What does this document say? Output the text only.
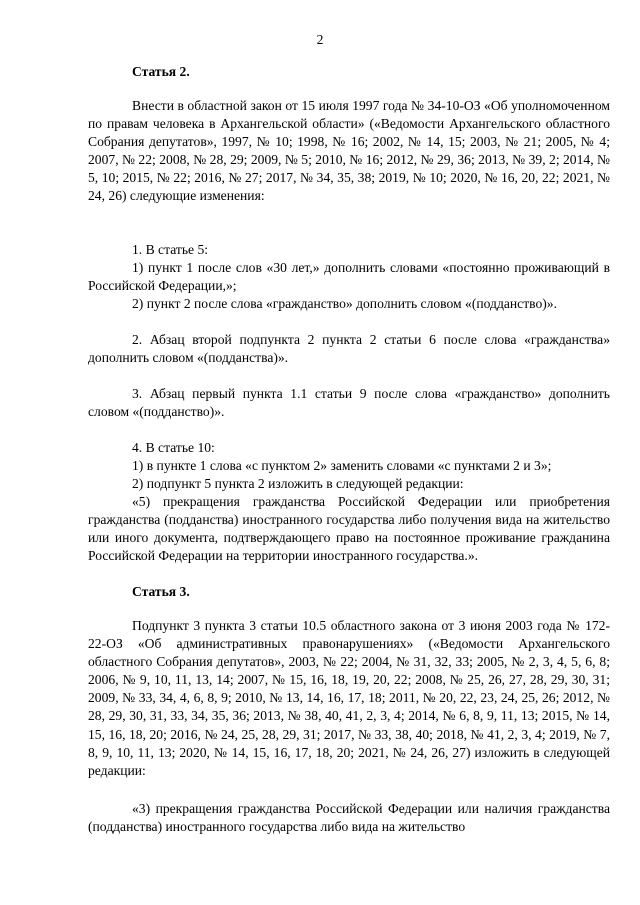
2
Статья 2.

Внести в областной закон от 15 июля 1997 года № 34-10-ОЗ «Об уполномоченном по правам человека в Архангельской области» («Ведомости Архангельского областного Собрания депутатов», 1997, № 10; 1998, № 16; 2002, № 14, 15; 2003, № 21; 2005, № 4; 2007, № 22; 2008, № 28, 29; 2009, № 5; 2010, № 16; 2012, № 29, 36; 2013, № 39, 2; 2014, № 5, 10; 2015, № 22; 2016, № 27; 2017, № 34, 35, 38; 2019, № 10; 2020, № 16, 20, 22; 2021, № 24, 26) следующие изменения:

1. В статье 5:

1) пункт 1 после слов «30 лет,» дополнить словами «постоянно проживающий в Российской Федерации,»;

2) пункт 2 после слова «гражданство» дополнить словом «(подданство)».

2. Абзац второй подпункта 2 пункта 2 статьи 6 после слова «гражданства» дополнить словом «(подданства)».

3. Абзац первый пункта 1.1 статьи 9 после слова «гражданство» дополнить словом «(подданство)».

4. В статье 10:

1) в пункте 1 слова «с пунктом 2» заменить словами «с пунктами 2 и 3»;

2) подпункт 5 пункта 2 изложить в следующей редакции:

«5) прекращения гражданства Российской Федерации или приобретения гражданства (подданства) иностранного государства либо получения вида на жительство или иного документа, подтверждающего право на постоянное проживание гражданина Российской Федерации на территории иностранного государства.».

Статья 3.

Подпункт 3 пункта 3 статьи 10.5 областного закона от 3 июня 2003 года № 172-22-ОЗ «Об административных правонарушениях» («Ведомости Архангельского областного Собрания депутатов», 2003, № 22; 2004, № 31, 32, 33; 2005, № 2, 3, 4, 5, 6, 8; 2006, № 9, 10, 11, 13, 14; 2007, № 15, 16, 18, 19, 20, 22; 2008, № 25, 26, 27, 28, 29, 30, 31; 2009, № 33, 34, 4, 6, 8, 9; 2010, № 13, 14, 16, 17, 18; 2011, № 20, 22, 23, 24, 25, 26; 2012, № 28, 29, 30, 31, 33, 34, 35, 36; 2013, № 38, 40, 41, 2, 3, 4; 2014, № 6, 8, 9, 11, 13; 2015, № 14, 15, 16, 18, 20; 2016, № 24, 25, 28, 29, 31; 2017, № 33, 38, 40; 2018, № 41, 2, 3, 4; 2019, № 7, 8, 9, 10, 11, 13; 2020, № 14, 15, 16, 17, 18, 20; 2021, № 24, 26, 27) изложить в следующей редакции:

«3) прекращения гражданства Российской Федерации или наличия гражданства (подданства) иностранного государства либо вида на жительство
